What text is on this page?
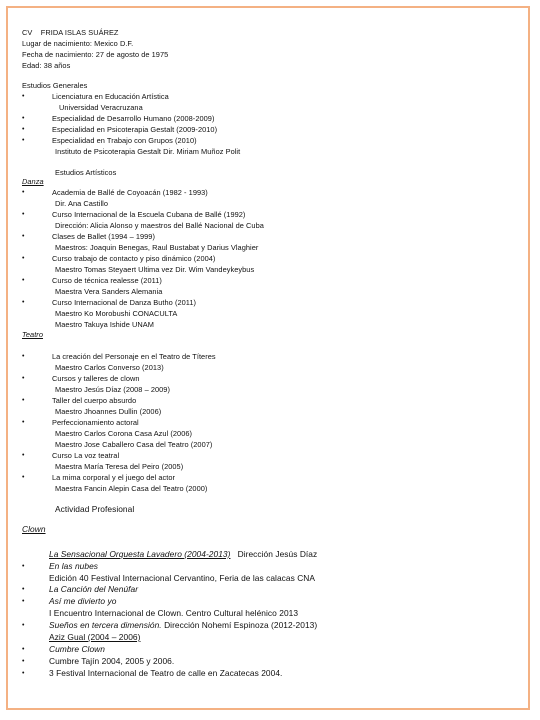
CV FRIDA ISLAS SUÁREZ
Lugar de nacimiento: Mexico D.F.
Fecha de nacimiento: 27 de agosto de 1975
Edad: 38 años
Estudios Generales
•	Licenciatura en Educación Artística
Universidad Veracruzana
•	Especialidad de Desarrollo Humano (2008-2009)
•	Especialidad en Psicoterapia Gestalt (2009-2010)
•	Especialidad en Trabajo con Grupos (2010)
Instituto de Psicoterapia Gestalt Dir. Miriam Muñoz Polit
Estudios Artísticos
Danza
•	Academia de Ballé de Coyoacán (1982 - 1993)
Dir. Ana Castillo
•	Curso Internacional de la Escuela Cubana de Ballé (1992)
Dirección: Alicia Alonso y maestros del Ballé Nacional de Cuba
•	Clases de Ballet (1994 – 1999)
Maestros: Joaquin Benegas, Raul Bustabat y Darius Vlaghier
•	Curso trabajo de contacto y piso dinámico (2004)
Maestro Tomas Steyaert Ultima vez Dir. Wim Vandeykeybus
•	Curso de técnica realesse (2011)
Maestra Vera Sanders Alemania
•	Curso Internacional de Danza Butho (2011)
Maestro Ko Morobushi CONACULTA
Maestro Takuya Ishide UNAM
Teatro
•	La creación del Personaje en el Teatro de Títeres
Maestro Carlos Converso (2013)
•	Cursos y talleres de clown
Maestro Jesús Díaz (2008 – 2009)
•	Taller del cuerpo absurdo
Maestro Jhoannes Dullin (2006)
•	Perfeccionamiento actoral
Maestro Carlos Corona Casa Azul (2006)
Maestro Jose Caballero Casa del Teatro (2007)
•	Curso La voz teatral
Maestra María Teresa del Peiro (2005)
•	La mima corporal y el juego del actor
Maestra Fancin Alepin Casa del Teatro (2000)
Actividad Profesional
Clown
La Sensacional Orquesta Lavadero (2004-2013) Dirección Jesús Díaz
•	En las nubes
Edición 40 Festival Internacional Cervantino, Feria de las calacas CNA
•	La Canción del Nenúfar
•	Así me divierto yo
I Encuentro Internacional de Clown. Centro Cultural helénico 2013
•	Sueños en tercera dimensión. Dirección Nohemí Espinoza (2012-2013)
Aziz Gual (2004 – 2006)
•	Cumbre Clown
•	Cumbre Tajín 2004, 2005 y 2006.
•	3 Festival Internacional de Teatro de calle en Zacatecas 2004.
